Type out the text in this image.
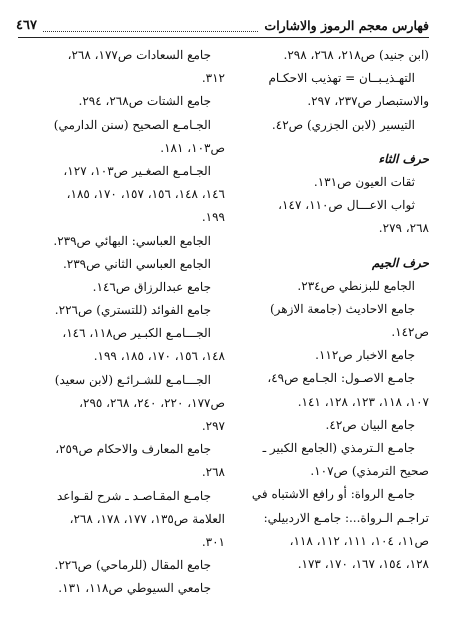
فهارس معجم الرموز والاشارات
٤٦٧
(ابن جنيد) ص٢١٨، ٢٦٨، ٢٩٨.
التهـذيـبــان = تهذيب الاحكـام
والاستبصار ص٢٣٧، ٢٩٧.
التيسير (لابن الجزري) ص٤٢.
حرف الثاء
ثقات العيون ص١٣١.
ثواب الاعـــال ص١١٠، ١٤٧،
٢٦٨، ٢٧٩.
حرف الجيم
الجامع للبزنطي ص٢٣٤.
جامع الاحاديث (جامعة الازهر)
ص١٤٢.
جامع الاخبار ص١١٢.
جامـع الاصـول: الجـامع ص٤٩،
١٠٧، ١١٨، ١٢٣، ١٢٨، ١٤١.
جامع البيان ص٤٢.
جامـع الـترمذي (الجامع الكبير ـ
صحيح الترمذي) ص١٠٧.
جامـع الرواة: أو رافع الاشتباه في
تراجـم الـرواة...: جامـع الاردبيلي:
ص١١، ١٠٤، ١١١، ١١٢، ١١٨،
١٢٨، ١٥٤، ١٦٧، ١٧٠، ١٧٣.
جامع السعادات ص١٧٧، ٢٦٨،
٣١٢.
جامع الشتات ص٢٦٨، ٢٩٤.
الجـامـع الصحيح (سنن الدارمي)
ص١٠٣، ١٨١.
الجـامـع الصغـير ص١٠٣، ١٢٧،
١٤٦، ١٤٨، ١٥٦، ١٥٧، ١٧٠، ١٨٥،
١٩٩.
الجامع العباسي: البهائي ص٢٣٩.
الجامع العباسي الثاني ص٢٣٩.
جامع عبدالرزاق ص١٤٦.
جامع الفوائد (للتستري) ص٢٢٦.
الجـــامـع الكبـير ص١١٨، ١٤٦،
١٤٨، ١٥٦، ١٧٠، ١٨٥، ١٩٩.
الجـــامـع للشـرائـع (لابن سعيد)
ص١٧٧، ٢٢٠، ٢٤٠، ٢٦٨، ٢٩٥،
٢٩٧.
جامع المعارف والاحكام ص٢٥٩،
٢٦٨.
جامـع المقـاصـد ـ شرح لقـواعد
العلامة ص١٣٥، ١٧٧، ١٧٨، ٢٦٨،
٣٠١.
جامع المقال (للرماحي) ص٢٢٦.
جامعي السيوطي ص١١٨، ١٣١.
